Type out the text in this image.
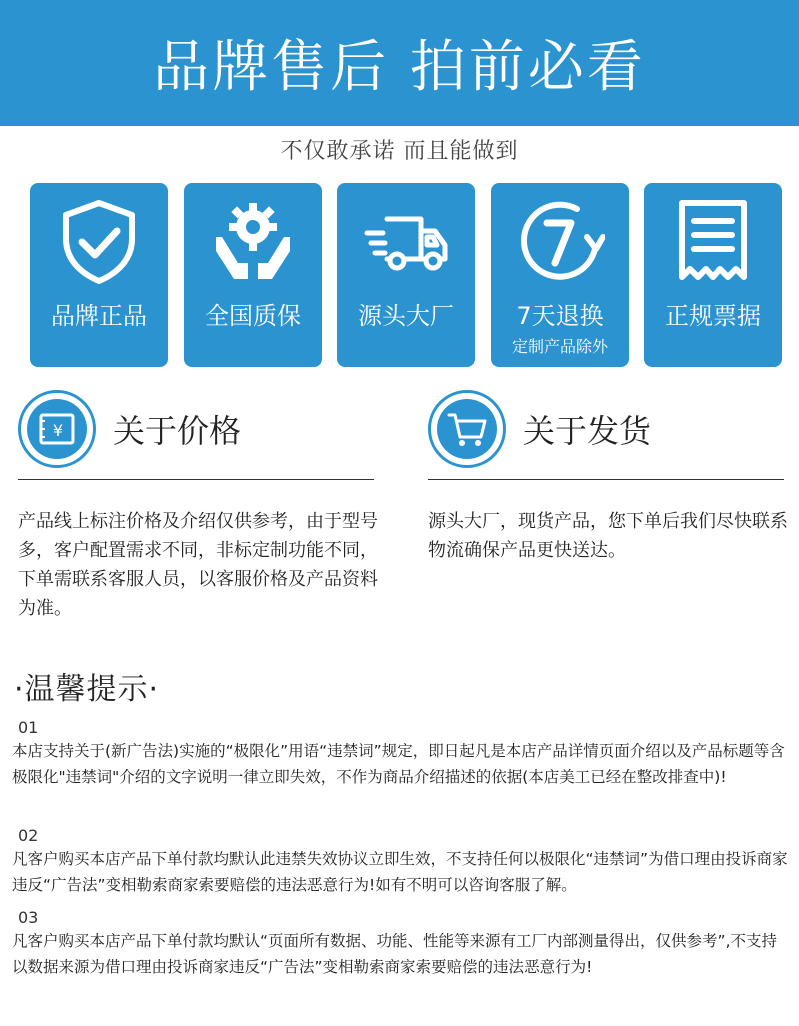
品牌售后 拍前必看
不仅敢承诺 而且能做到
品牌正品	全国质保	源头大厂	7天退换
定制产品除外
正规票据
¥ 关于价格
产品线上标注价格及介绍仅供参考，由于型号多，客户配置需求不同，非标定制功能不同，下单需联系客服人员，以客服价格及产品资料为准。
关于发货
源头大厂，现货产品，您下单后我们尽快联系物流确保产品更快送达。
·温馨提示·
01
本店支持关于(新广告法)实施的“极限化”用语“违禁词”规定，即日起凡是本店产品详情页面介绍以及产品标题等含极限化"违禁词"介绍的文字说明一律立即失效，不作为商品介绍描述的依据(本店美工已经在整改排查中)!
02
凡客户购买本店产品下单付款均默认此违禁失效协议立即生效，不支持任何以极限化“违禁词”为借口理由投诉商家违反“广告法”变相勒索商家索要赔偿的违法恶意行为!如有不明可以咨询客服了解。
03
凡客户购买本店产品下单付款均默认“页面所有数据、功能、性能等来源有工厂内部测量得出，仅供参考”,不支持以数据来源为借口理由投诉商家违反“广告法”变相勒索商家索要赔偿的违法恶意行为!
